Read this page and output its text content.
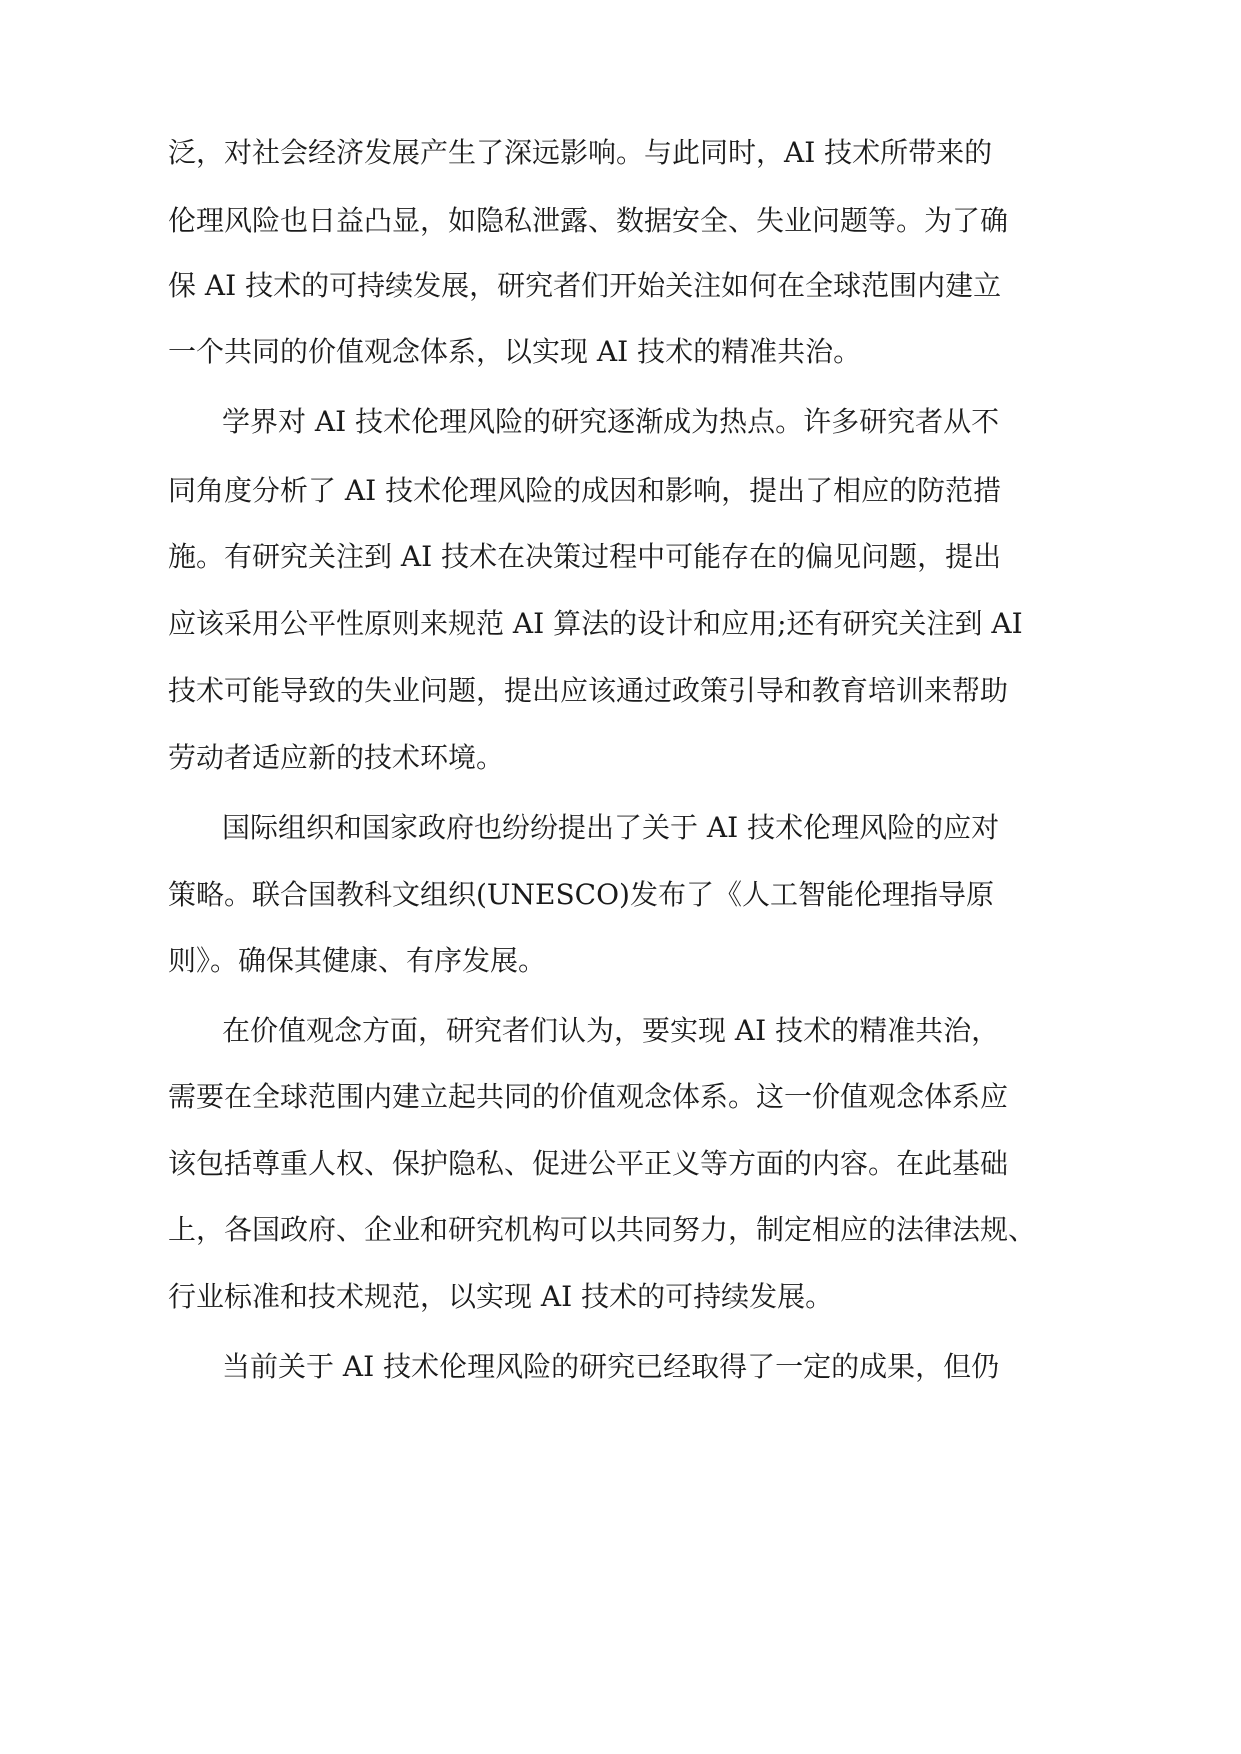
泛，对社会经济发展产生了深远影响。与此同时，AI 技术所带来的

伦理风险也日益凸显，如隐私泄露、数据安全、失业问题等。为了确

保 AI 技术的可持续发展，研究者们开始关注如何在全球范围内建立

一个共同的价值观念体系，以实现 AI 技术的精准共治。

学界对 AI 技术伦理风险的研究逐渐成为热点。许多研究者从不

同角度分析了 AI 技术伦理风险的成因和影响，提出了相应的防范措

施。有研究关注到 AI 技术在决策过程中可能存在的偏见问题，提出

应该采用公平性原则来规范 AI 算法的设计和应用;还有研究关注到 AI

技术可能导致的失业问题，提出应该通过政策引导和教育培训来帮助

劳动者适应新的技术环境。

国际组织和国家政府也纷纷提出了关于 AI 技术伦理风险的应对

策略。联合国教科文组织(UNESCO)发布了《人工智能伦理指导原

则》。确保其健康、有序发展。

在价值观念方面，研究者们认为，要实现 AI 技术的精准共治，

需要在全球范围内建立起共同的价值观念体系。这一价值观念体系应

该包括尊重人权、保护隐私、促进公平正义等方面的内容。在此基础

上，各国政府、企业和研究机构可以共同努力，制定相应的法律法规、

行业标准和技术规范，以实现 AI 技术的可持续发展。

当前关于 AI 技术伦理风险的研究已经取得了一定的成果，但仍
